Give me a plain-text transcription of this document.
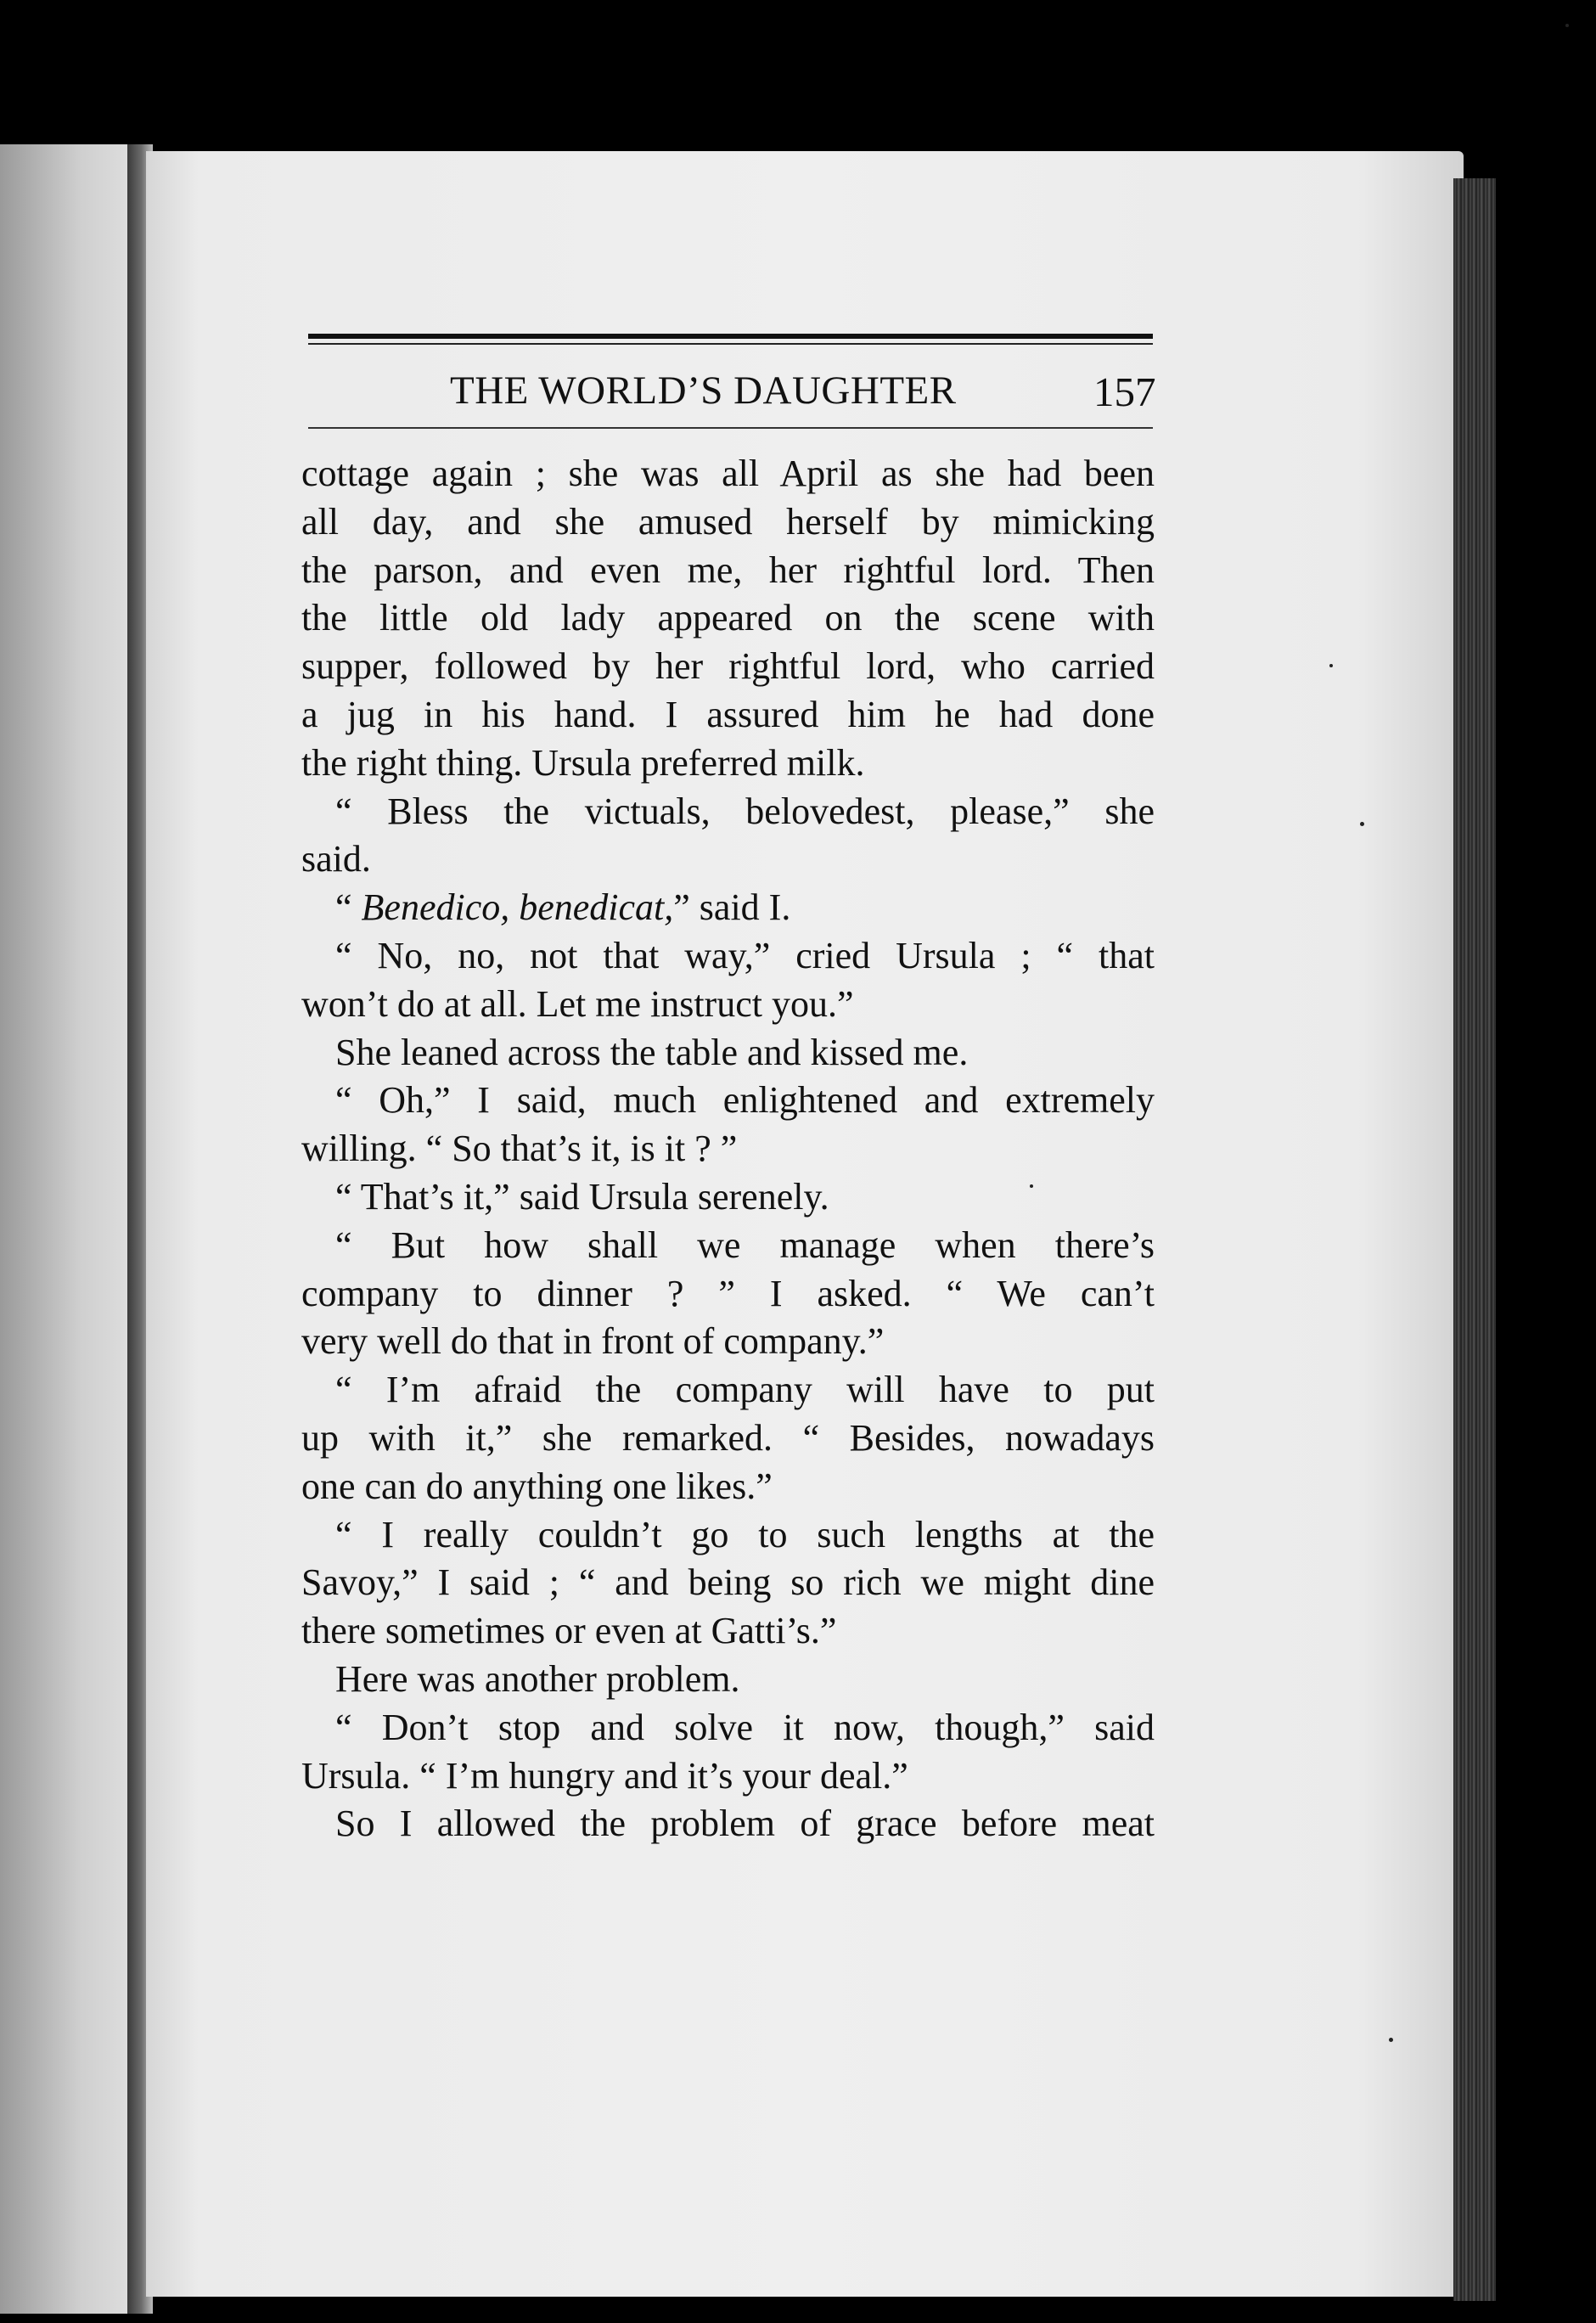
THE WORLD’S DAUGHTER	157
cottage again ; she was all April as she had been
all day, and she amused herself by mimicking
the parson, and even me, her rightful lord. Then
the little old lady appeared on the scene with
supper, followed by her rightful lord, who carried
a jug in his hand. I assured him he had done
the right thing. Ursula preferred milk.
“ Bless the victuals, belovedest, please,” she
said.
“ Benedico, benedicat,” said I.
“ No, no, not that way,” cried Ursula ; “ that
won’t do at all. Let me instruct you.”
She leaned across the table and kissed me.
“ Oh,” I said, much enlightened and extremely
willing. “ So that’s it, is it ? ”
“ That’s it,” said Ursula serenely.
“ But how shall we manage when there’s
company to dinner ? ” I asked. “ We can’t
very well do that in front of company.”
“ I’m afraid the company will have to put
up with it,” she remarked. “ Besides, nowadays
one can do anything one likes.”
“ I really couldn’t go to such lengths at the
Savoy,” I said ; “ and being so rich we might dine
there sometimes or even at Gatti’s.”
Here was another problem.
“ Don’t stop and solve it now, though,” said
Ursula. “ I’m hungry and it’s your deal.”
So I allowed the problem of grace before meat
